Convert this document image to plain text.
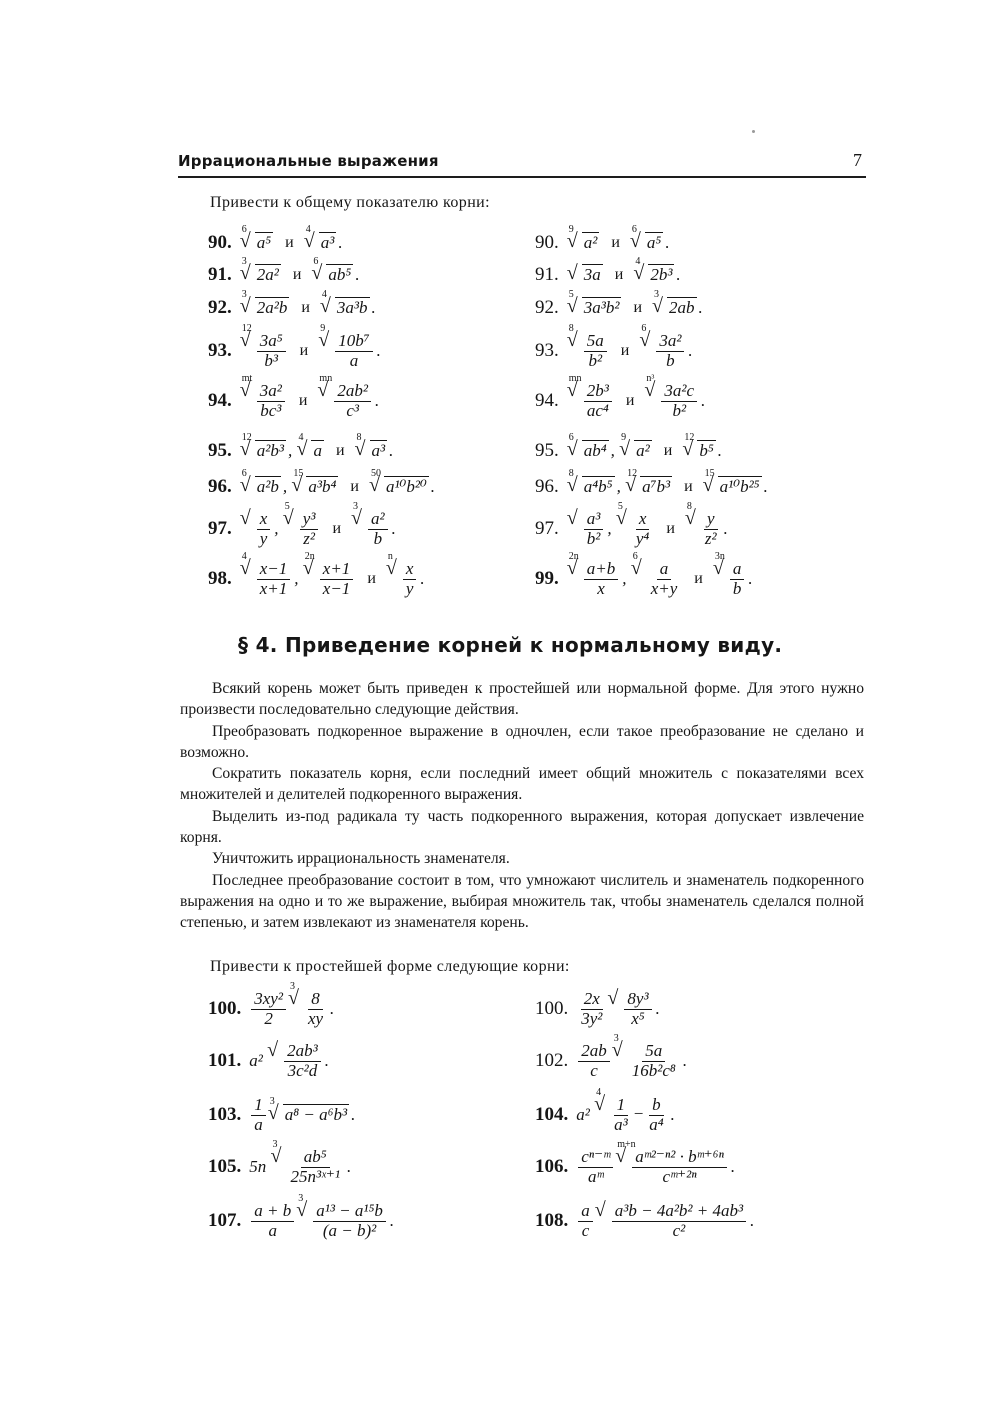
Иррациональные выражения	7
Привести к общему показателю корни:
90.
√ 6
a⁵ и
√ 4
a³ .
91.
√ 3
2a² и
√ 6
ab⁵ .
92.
√ 3
2a²b и
√ 4
3a³b .
93.
√ 12
$\frac{\text{3a⁵}}{\text{b³}}$ и
√ 9
$\frac{\text{10b⁷}}{a}$ .
94.
√ mt
$\frac{\text{3a²}}{\text{bc³}}$ и
√ mn
$\frac{\text{2ab²}}{\text{c³}}$ .
95.
√ 12
a²b³ ,
√ 4
a и
√ 8
a³ .
96.
√ 6
a²b ,
√ 15
a³b⁴ и
√ 50
a¹⁰b²⁰ .
97. √ $\frac{x}{y}$ ,
√ 5
$\frac{\text{y³}}{\text{z²}}$ и
√ 3
$\frac{\text{a²}}{b}$ .
98.
√ 4
$\frac{x-1}{x+1}$ ,
√ 2n
$\frac{x+1}{x-1}$ и
√ n
$\frac{x}{y}$ .
90.
√ 9
a² и
√ 6
a⁵ .
91.	√ 3a и
√ 4
2b³ .
92.
√ 5
3a³b² и
√ 3
2ab .
93.
√ 8
$\frac{5a}{\text{b²}}$ и
√ 6
$\frac{\text{3a²}}{b}$ .
94.
√ mn
$\frac{\text{2b³}}{\text{ac⁴}}$ и
√ n³
$\frac{\text{3a²c}}{\text{b²}}$ .
95.
√ 6
ab⁴ ,
√ 9
a² и
√ 12
b⁵ .
96.
√ 8
a⁴b⁵ ,
√ 12
a⁷b³ и
√ 15
a¹⁰b²⁵ .
97. √ $\frac{\text{a³}}{\text{b²}}$ ,
√ 5
$\frac{x}{\text{y⁴}}$ и
√ 8
$\frac{y}{\text{z²}}$ .
99.
√ 2n
$\frac{a+b}{x}$ ,
√ 6
$\frac{a}{x+y}$ и
√ 3n
$\frac{a}{b}$ .
§ 4. Приведение корней к нормальному виду.
Всякий корень может быть приведен к простейшей или нормальной форме. Для этого нужно произвести последовательно следующие действия.
Преобразовать подкоренное выражение в одночлен, если такое преобразование не сделано и возможно.
Сократить показатель корня, если последний имеет общий множитель с показателями всех множителей и делителей подкоренного выражения.
Выделить из-под радикала ту часть подкоренного выражения, которая допускает извлечение корня.
Уничтожить иррациональность знаменателя.
Последнее преобразование состоит в том, что умножают числитель и знаменатель подкоренного выражения на одно и то же выражение, выбирая множитель так, чтобы знаменатель сделался полной степенью, и затем извлекают из знаменателя корень.
Привести к простейшей форме следующие корни:
100. $\frac{\text{3xy²}}{2}$
√ 3
$\frac{8}{xy}$ .
101. a² √ $\frac{\text{2ab³}}{\text{3c²d}}$ .
103. $\frac{1}{a}$ √ 3
a⁸ − a⁶b³ .
105. 5n
√ 3
$\frac{\text{ab⁵}}{\text{25n³ˣ⁺¹}}$ .
107. $\frac{a + b}{a}$
√ 3
$\frac{\text{a¹³ − a¹⁵b}}{\text{(a − b)²}}$ .
100. $\frac{2x}{\text{3y²}}$ √ $\frac{\text{8y³}}{\text{x⁵}}$ .
102. $\frac{2ab}{c}$
√ 3
$\frac{5a}{\text{16b²c⁸}}$ .
104. a²
√ 4
$\frac{1}{\text{a³}} - \frac{b}{\text{a⁴}}$ .
106. $\frac{\text{cⁿ⁻ᵐ}}{\text{aᵐ}}$
√ m+n
$\frac{\text{aᵐ²⁻ⁿ² · bᵐ⁺⁶ⁿ}}{\text{cᵐ⁺²ⁿ}}$ .
108. $\frac{a}{c}$ √ $\frac{\text{a³b − 4a²b² + 4ab³}}{\text{c²}}$ .
